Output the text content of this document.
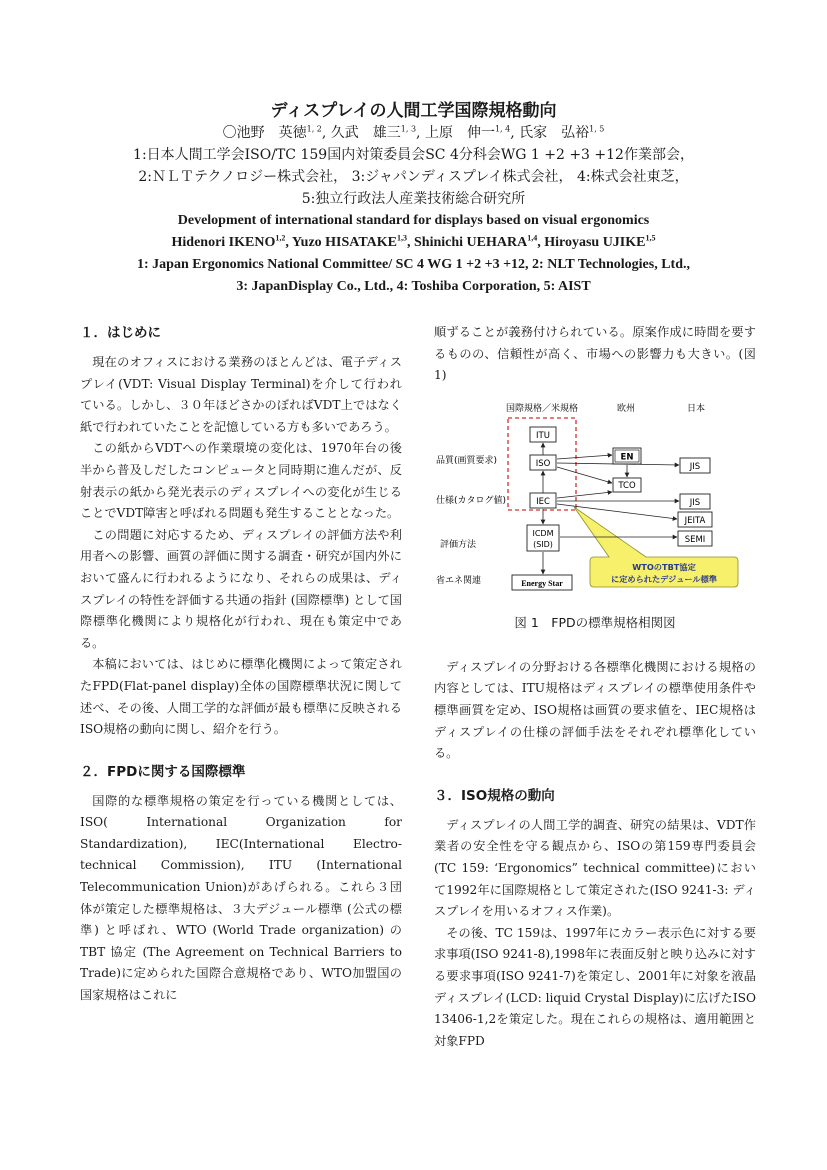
ディスプレイの人間工学国際規格動向
〇池野　英徳$^{1, 2}$, 久武　雄三$^{1, 3}$, 上原　伸一$^{1, 4}$, 氏家　弘裕$^{1, 5}$
1:日本人間工学会ISO/TC 159国内対策委員会SC 4分科会WG 1 +2 +3 +12作業部会，
2:ＮＬＴテクノロジー株式会社， 3:ジャパンディスプレイ株式会社， 4:株式会社東芝，
5:独立行政法人産業技術総合研究所
Development of international standard for displays based on visual ergonomics
Hidenori IKENO$^{1,2}$, Yuzo HISATAKE$^{1,3}$, Shinichi UEHARA$^{1,4}$, Hiroyasu UJIKE$^{1,5}$
1: Japan Ergonomics National Committee/ SC 4 WG 1 +2 +3 +12, 2: NLT Technologies, Ltd.,
3: JapanDisplay Co., Ltd., 4: Toshiba Corporation, 5: AIST
１．はじめに

現在のオフィスにおける業務のほとんどは、電子ディスプレイ(VDT: Visual Display Terminal)を介して行われている。しかし、３０年ほどさかのぼればVDT上ではなく紙で行われていたことを記憶している方も多いであろう。

この紙からVDTへの作業環境の変化は、1970年台の後半から普及しだしたコンピュータと同時期に進んだが、反射表示の紙から発光表示のディスプレイへの変化が生じることでVDT障害と呼ばれる問題も発生することとなった。

この問題に対応するため、ディスプレイの評価方法や利用者への影響、画質の評価に関する調査・研究が国内外において盛んに行われるようになり、それらの成果は、ディスプレイの特性を評価する共通の指針 (国際標準) として国際標準化機関により規格化が行われ、現在も策定中である。

本稿においては、はじめに標準化機関によって策定されたFPD(Flat-panel display)全体の国際標準状況に関して述べ、その後、人間工学的な評価が最も標準に反映されるISO規格の動向に関し、紹介を行う。

２．FPDに関する国際標準

国際的な標準規格の策定を行っている機関としては、ISO( International Organization for Standardization), IEC(International Electro-technical Commission), ITU (International Telecommunication Union)があげられる。これら３団体が策定した標準規格は、３大デジュール標準 (公式の標準) と呼ばれ、WTO (World Trade organization) の TBT 協定 (The Agreement on Technical Barriers to Trade)に定められた国際合意規格であり、WTO加盟国の国家規格はこれに

順ずることが義務付けられている。原案作成に時間を要するものの、信頼性が高く、市場への影響力も大きい。(図 1)

国際規格／米規格	欧州	日本
品質(画質要求)
仕様(カタログ値)
評価方法
省エネ関連
WTOのTBT協定
に定められたデジュール標準
ITU
ISO
IEC
ICDM
(SID)
Energy Star
EN
TCO
JIS
JIS
JEITA
SEMI
図 1　FPDの標準規格相関図

ディスプレイの分野おける各標準化機関における規格の内容としては、ITU規格はディスプレイの標準使用条件や標準画質を定め、ISO規格は画質の要求値を、IEC規格はディスプレイの仕様の評価手法をそれぞれ標準化している。

３．ISO規格の動向

ディスプレイの人間工学的調査、研究の結果は、VDT作業者の安全性を守る観点から、ISOの第159専門委員会(TC 159: ‘Ergonomics” technical committee)において1992年に国際規格として策定された(ISO 9241-3: ディスプレイを用いるオフィス作業)。

その後、TC 159は、1997年にカラー表示色に対する要求事項(ISO 9241-8),1998年に表面反射と映り込みに対する要求事項(ISO 9241-7)を策定し、2001年に対象を液晶ディスプレイ(LCD: liquid Crystal Display)に広げたISO 13406-1,2を策定した。現在これらの規格は、適用範囲と対象FPD
